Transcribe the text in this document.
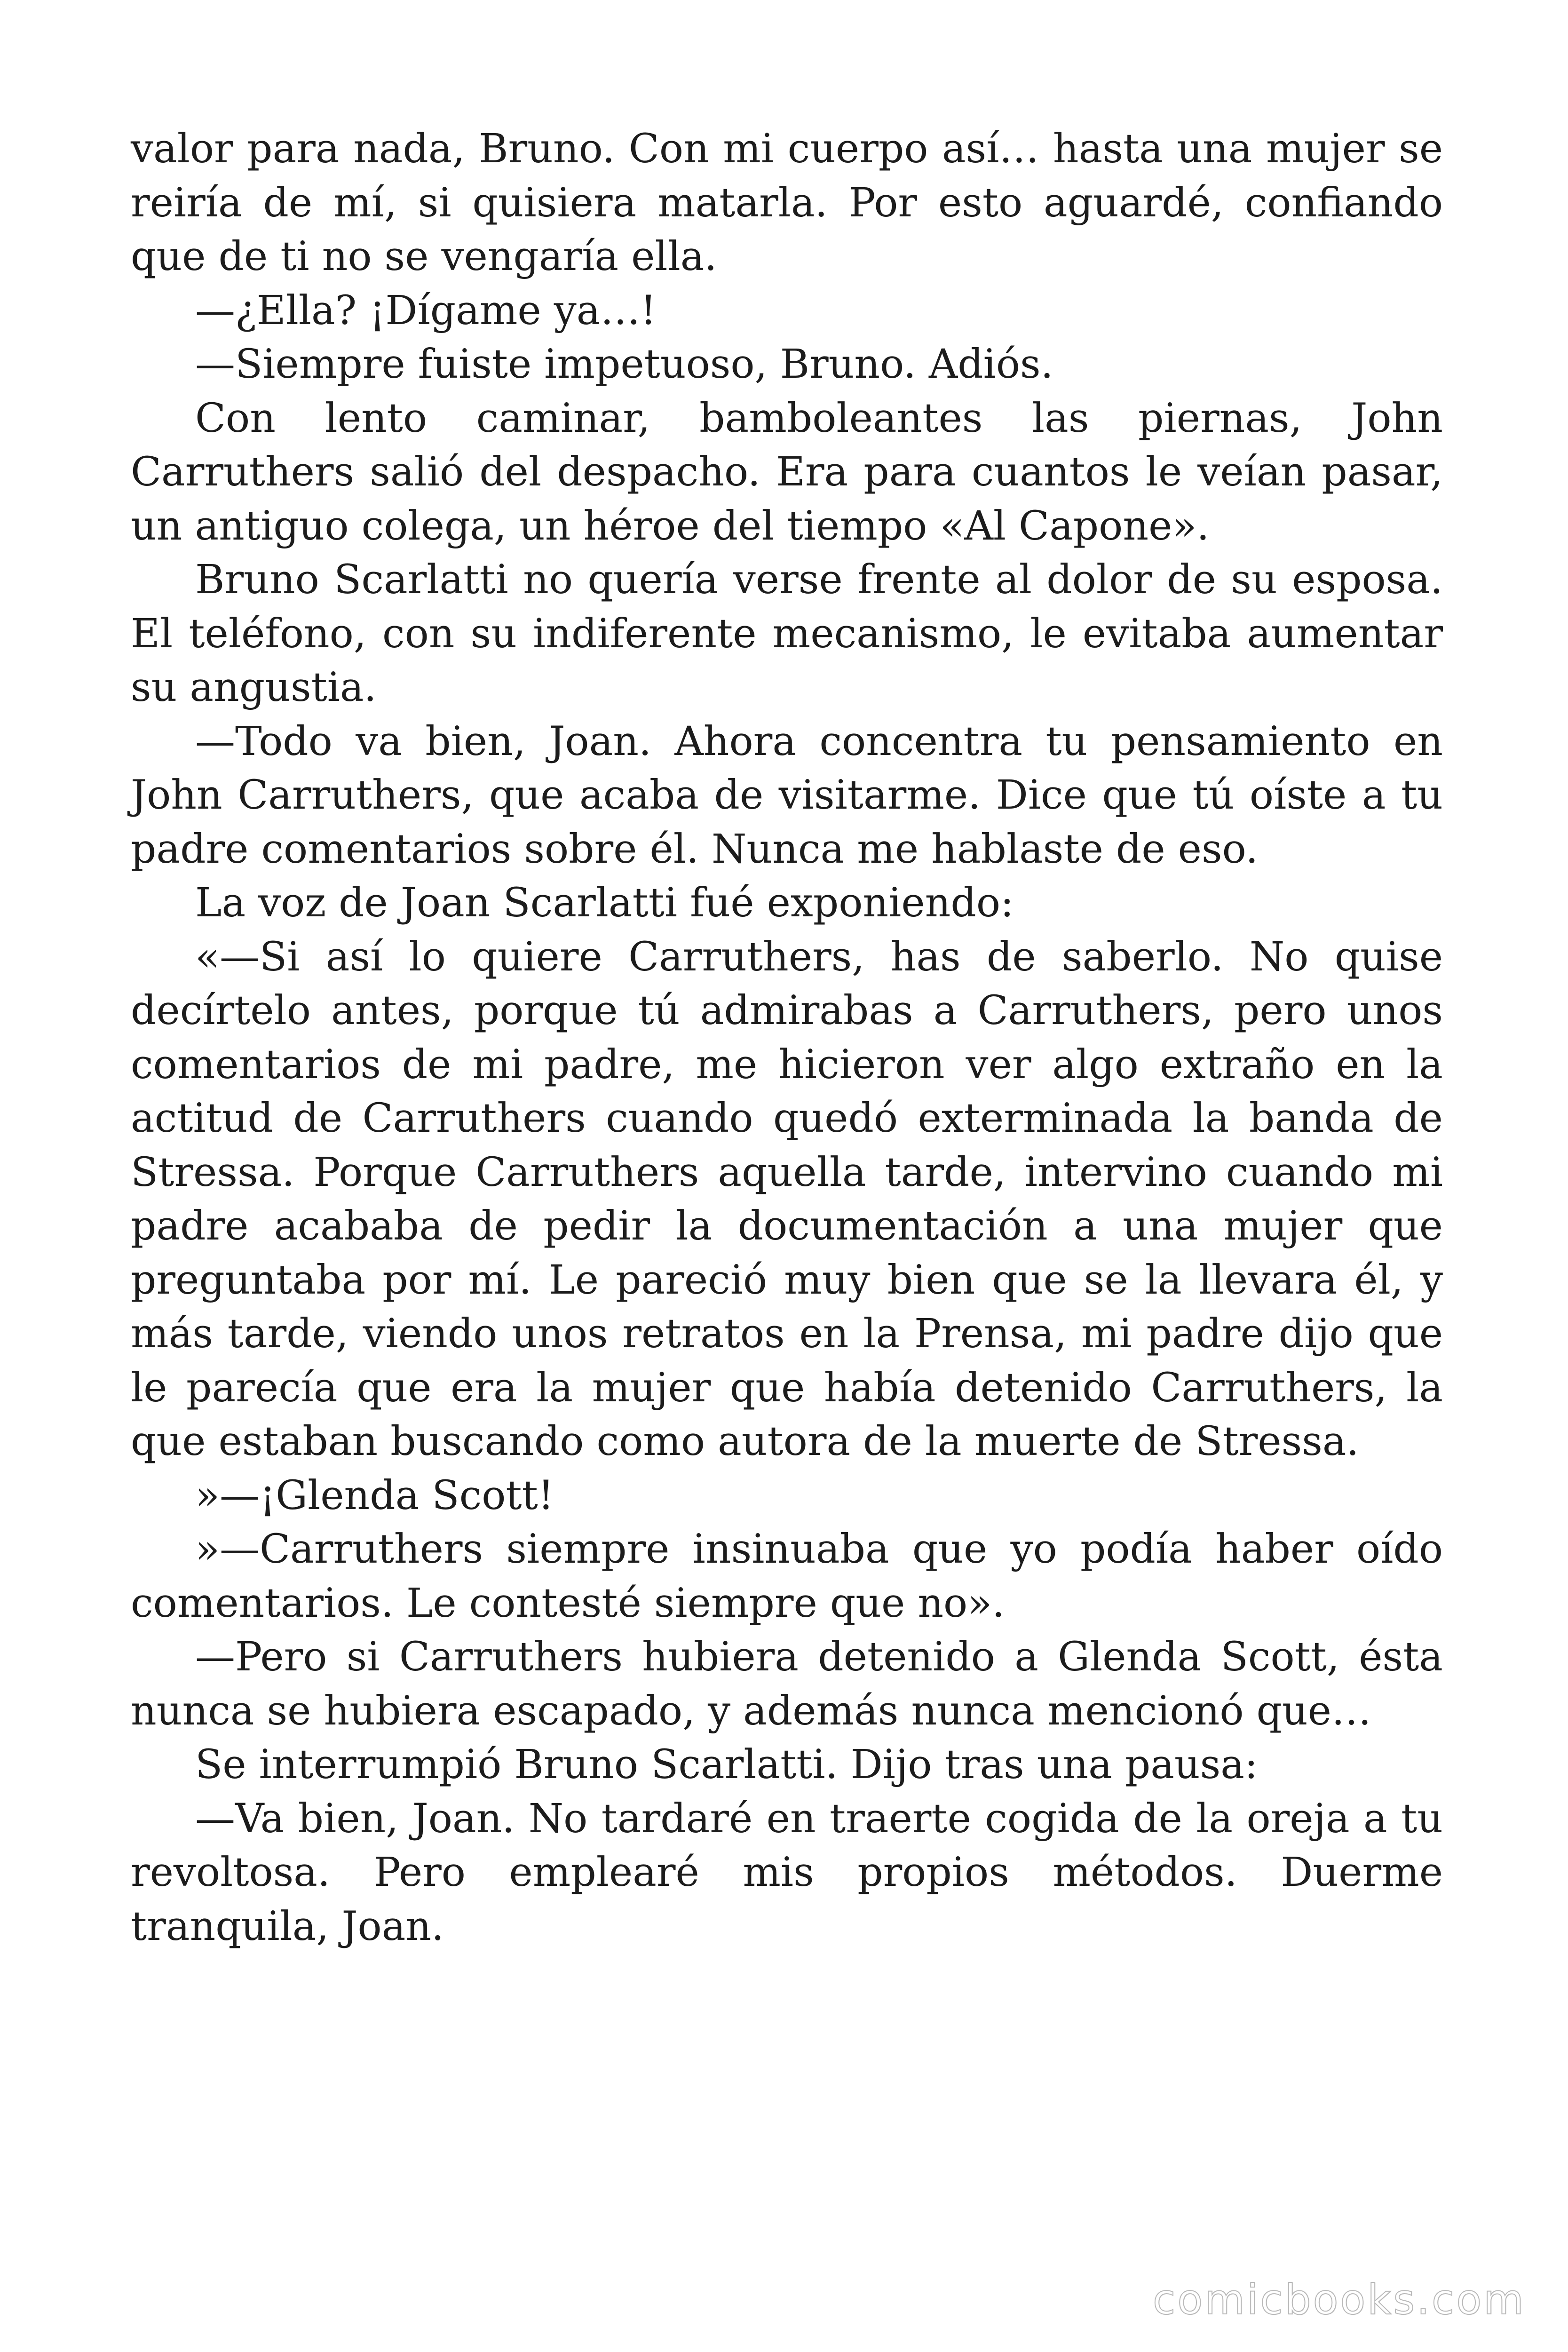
valor para nada, Bruno. Con mi cuerpo así… hasta una mujer se reiría de mí, si quisiera matarla. Por esto aguardé, confiando que de ti no se vengaría ella.

—¿Ella? ¡Dígame ya…!

—Siempre fuiste impetuoso, Bruno. Adiós.

Con lento caminar, bamboleantes las piernas, John Carruthers salió del despacho. Era para cuantos le veían pasar, un antiguo colega, un héroe del tiempo «Al Capone».

Bruno Scarlatti no quería verse frente al dolor de su esposa. El teléfono, con su indiferente mecanismo, le evitaba aumentar su angustia.

—Todo va bien, Joan. Ahora concentra tu pensamiento en John Carruthers, que acaba de visitarme. Dice que tú oíste a tu padre comentarios sobre él. Nunca me hablaste de eso.

La voz de Joan Scarlatti fué exponiendo:

«—Si así lo quiere Carruthers, has de saberlo. No quise decírtelo antes, porque tú admirabas a Carruthers, pero unos comentarios de mi padre, me hicieron ver algo extraño en la actitud de Carruthers cuando quedó exterminada la banda de Stressa. Porque Carruthers aquella tarde, intervino cuando mi padre acababa de pedir la documentación a una mujer que preguntaba por mí. Le pareció muy bien que se la llevara él, y más tarde, viendo unos retratos en la Prensa, mi padre dijo que le parecía que era la mujer que había detenido Carruthers, la que estaban buscando como autora de la muerte de Stressa.

»—¡Glenda Scott!

»—Carruthers siempre insinuaba que yo podía haber oído comentarios. Le contesté siempre que no».

—Pero si Carruthers hubiera detenido a Glenda Scott, ésta nunca se hubiera escapado, y además nunca mencionó que…

Se interrumpió Bruno Scarlatti. Dijo tras una pausa:

—Va bien, Joan. No tardaré en traerte cogida de la oreja a tu revoltosa. Pero emplearé mis propios métodos. Duerme tranquila, Joan.

comicbooks.com
